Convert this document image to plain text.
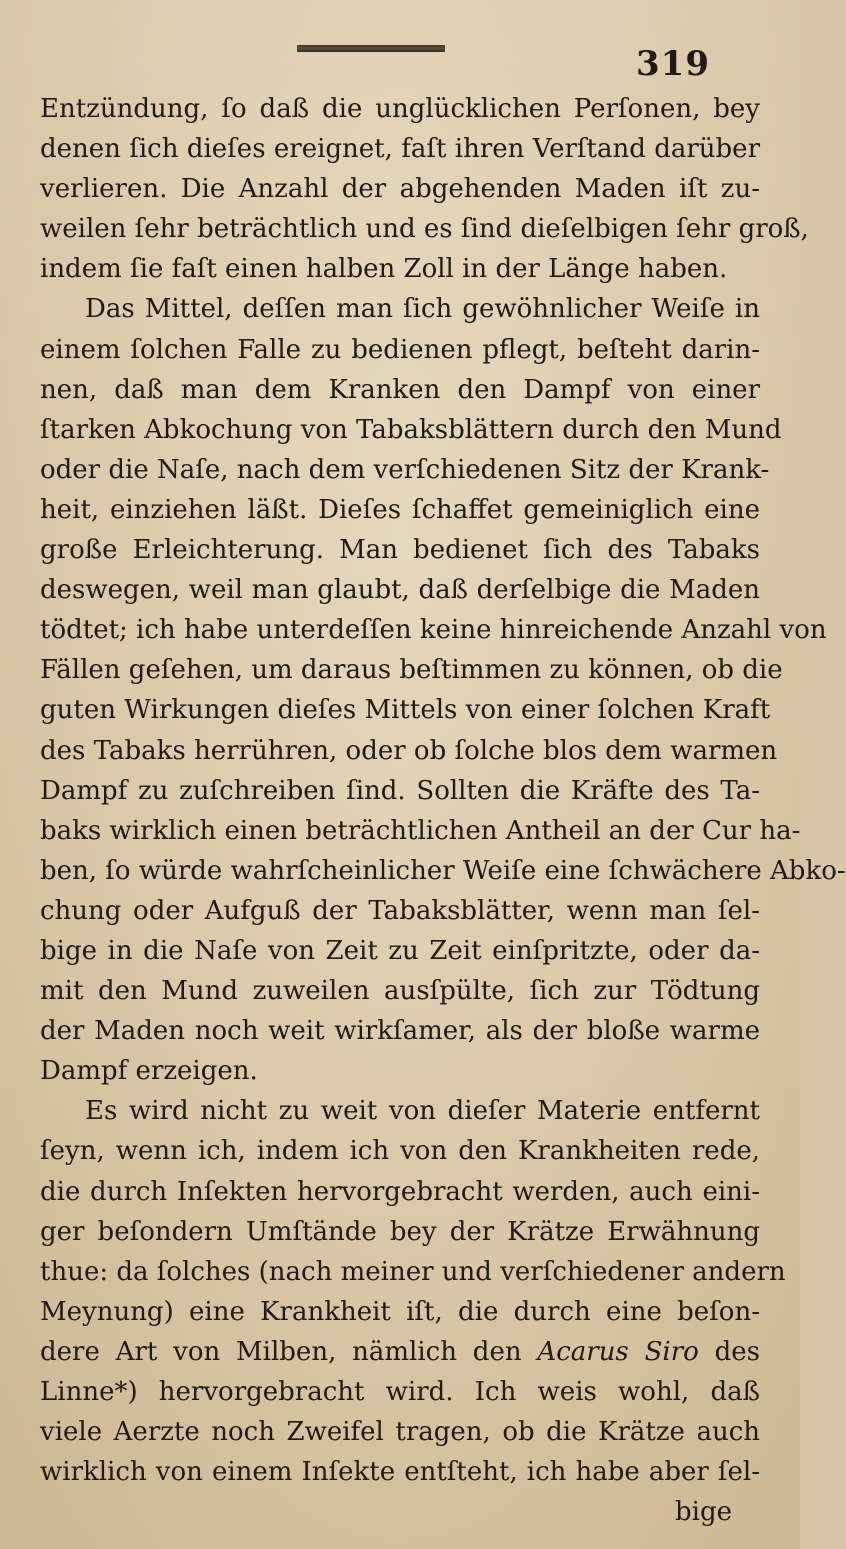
319
Entzündung, ſo daß die unglücklichen Perſonen, bey
denen ſich dieſes ereignet, faſt ihren Verſtand darüber
verlieren. Die Anzahl der abgehenden Maden iſt zu-
weilen ſehr beträchtlich und es ſind dieſelbigen ſehr groß,
indem ſie faſt einen halben Zoll in der Länge haben.
Das Mittel, deſſen man ſich gewöhnlicher Weiſe in
einem ſolchen Falle zu bedienen pflegt, beſteht darin-
nen, daß man dem Kranken den Dampf von einer
ſtarken Abkochung von Tabaksblättern durch den Mund
oder die Naſe, nach dem verſchiedenen Sitz der Krank-
heit, einziehen läßt. Dieſes ſchaffet gemeiniglich eine
große Erleichterung. Man bedienet ſich des Tabaks
deswegen, weil man glaubt, daß derſelbige die Maden
tödtet; ich habe unterdeſſen keine hinreichende Anzahl von
Fällen geſehen, um daraus beſtimmen zu können, ob die
guten Wirkungen dieſes Mittels von einer ſolchen Kraft
des Tabaks herrühren, oder ob ſolche blos dem warmen
Dampf zu zuſchreiben ſind. Sollten die Kräfte des Ta-
baks wirklich einen beträchtlichen Antheil an der Cur ha-
ben, ſo würde wahrſcheinlicher Weiſe eine ſchwächere Abko-
chung oder Aufguß der Tabaksblätter, wenn man ſel-
bige in die Naſe von Zeit zu Zeit einſpritzte, oder da-
mit den Mund zuweilen ausſpülte, ſich zur Tödtung
der Maden noch weit wirkſamer, als der bloße warme
Dampf erzeigen.
Es wird nicht zu weit von dieſer Materie entfernt
ſeyn, wenn ich, indem ich von den Krankheiten rede,
die durch Inſekten hervorgebracht werden, auch eini-
ger beſondern Umſtände bey der Krätze Erwähnung
thue: da ſolches (nach meiner und verſchiedener andern
Meynung) eine Krankheit iſt, die durch eine beſon-
dere Art von Milben, nämlich den Acarus Siro des
Linne*) hervorgebracht wird. Ich weis wohl, daß
viele Aerzte noch Zweifel tragen, ob die Krätze auch
wirklich von einem Inſekte entſteht, ich habe aber ſel-
bige
